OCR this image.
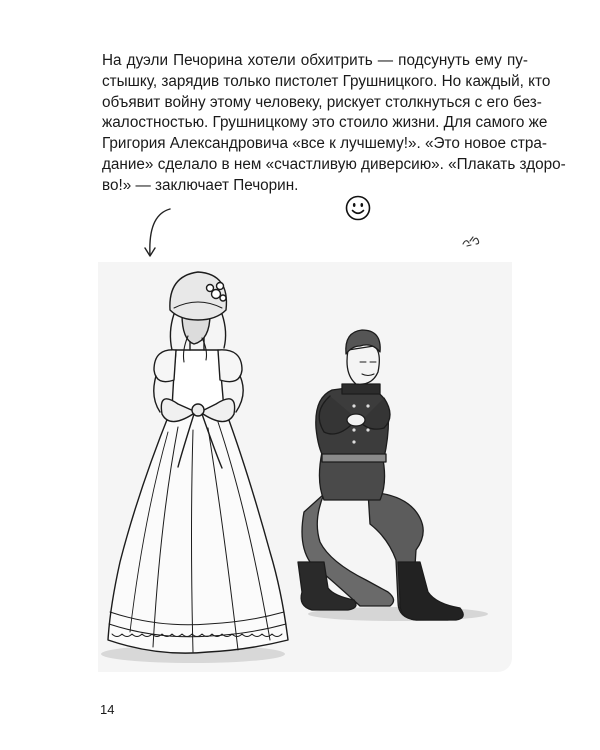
На дуэли Печорина хотели обхитрить — подсунуть ему пу-
стышку, зарядив только пистолет Грушницкого. Но каждый, кто
объявит войну этому человеку, рискует столкнуться с его без-
жалостностью. Грушницкому это стоило жизни. Для самого же
Григория Александровича «все к лучшему!». «Это новое стра-
дание» сделало в нем «счастливую диверсию». «Плакать здоро-
во!» — заключает Печорин.
14
